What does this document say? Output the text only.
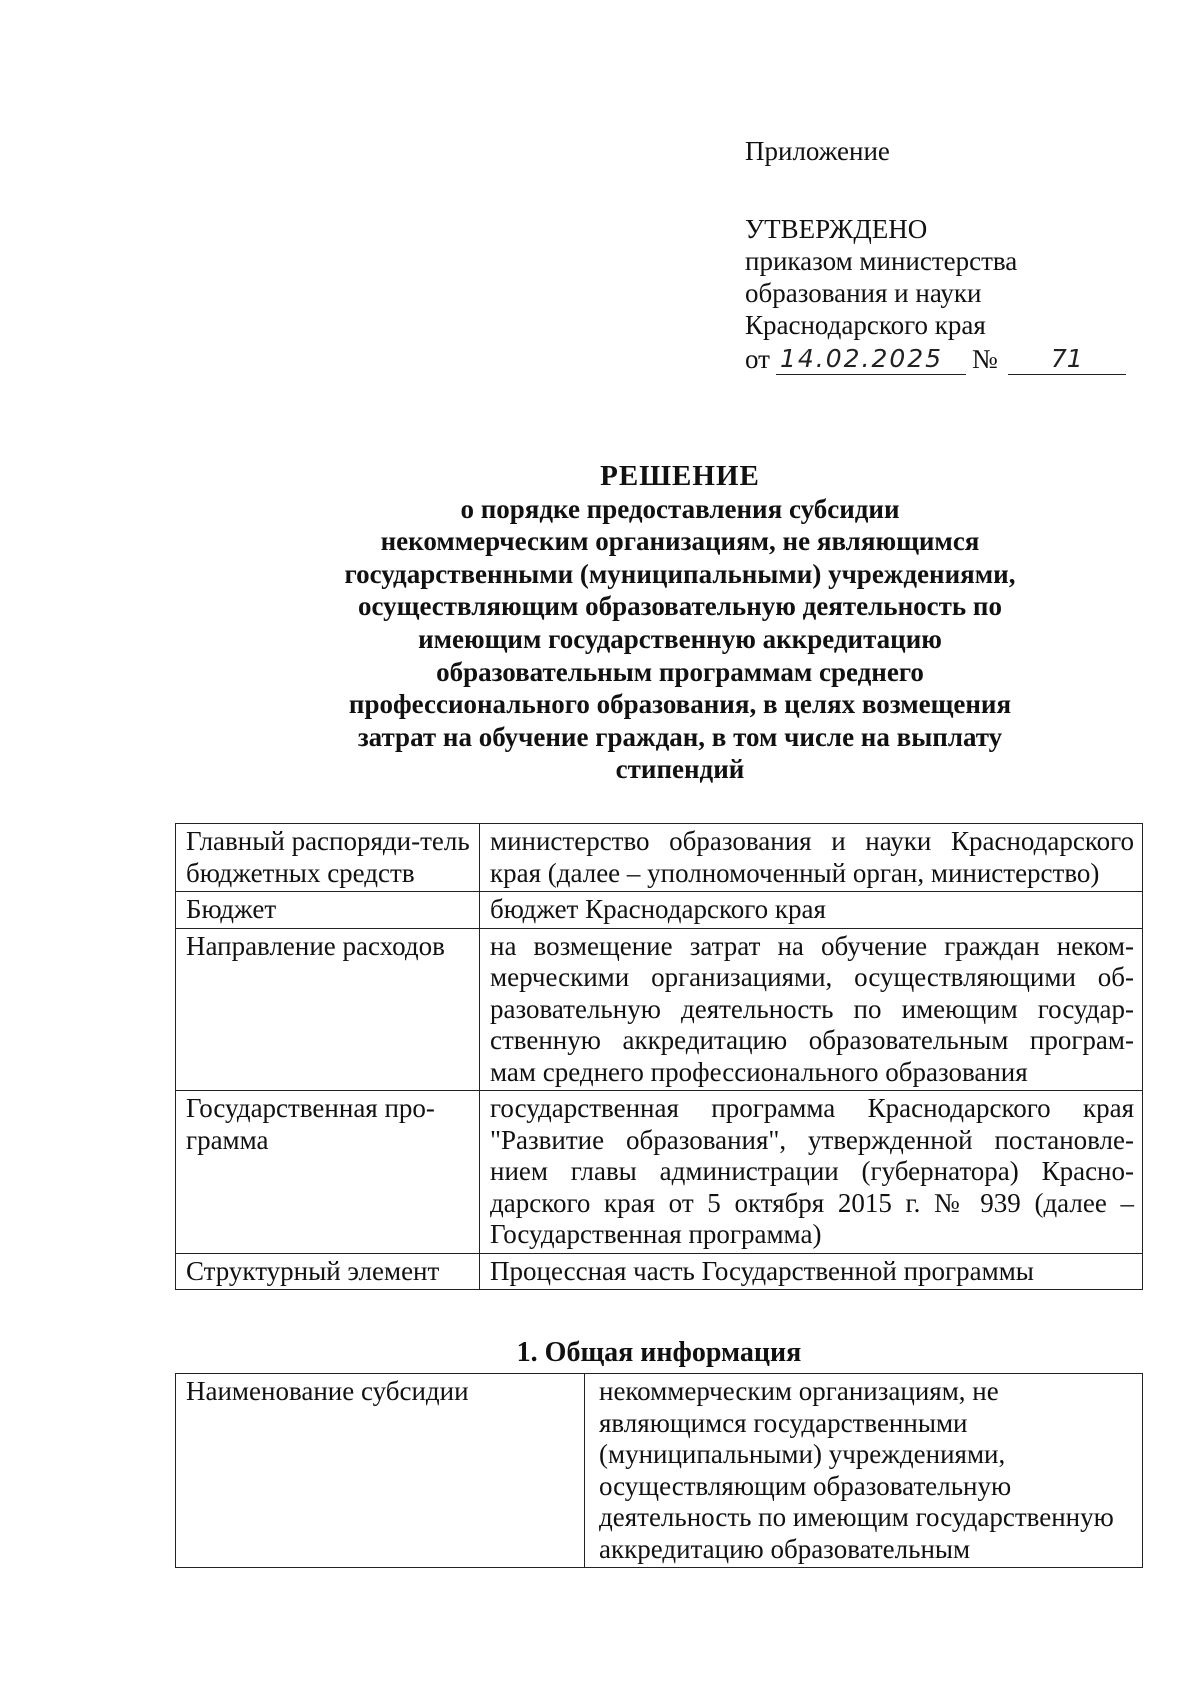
Приложение

УТВЕРЖДЕНО

приказом министерства

образования и науки

Краснодарского края

от 14.02.2025	№	71

РЕШЕНИЕ

о порядке предоставления субсидии

некоммерческим организациям, не являющимся

государственными (муниципальными) учреждениями,

осуществляющим образовательную деятельность по

имеющим государственную аккредитацию

образовательным программам среднего

профессионального образования, в целях возмещения

затрат на обучение граждан, в том числе на выплату

стипендий

Главный распоряди-тель бюджетных средств	министерство образования и науки Краснодарского края (далее – уполномоченный орган, министерство)
Бюджет	бюджет Краснодарского края
Направление расходов	на возмещение затрат на обучение граждан неком-мерческими организациями, осуществляющими об-разовательную деятельность по имеющим государ-ственную аккредитацию образовательным програм-мам среднего профессионального образования
Государственная про-грамма	государственная программа Краснодарского края "Развитие образования", утвержденной постановле-нием главы администрации (губернатора) Красно-дарского края от 5 октября 2015 г. № 939 (далее – Государственная программа)
Структурный элемент	Процессная часть Государственной программы
1. Общая информация
Наименование субсидии	некоммерческим организациям, не
являющимся государственными
(муниципальными) учреждениями,
осуществляющим образовательную
деятельность по имеющим государственную
аккредитацию образовательным
